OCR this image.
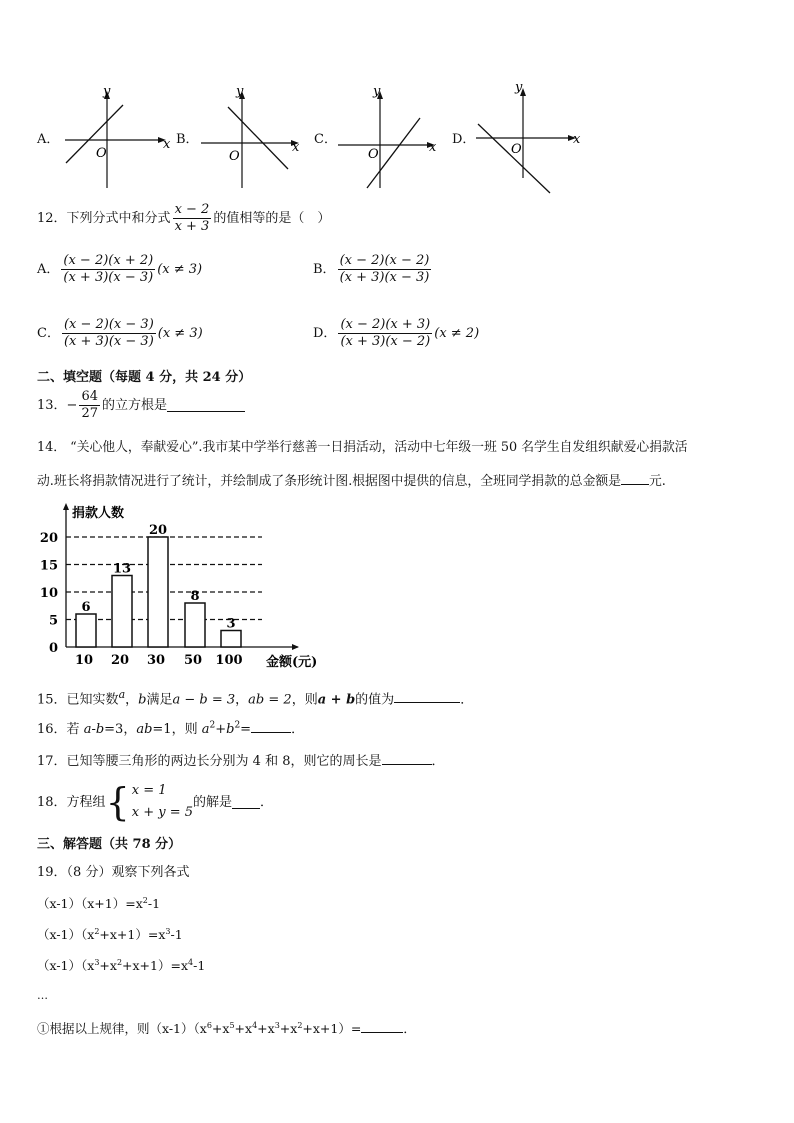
A．
y
x
O
B．
y
x
O
C．
y
x
O
D．
y
x
O
12． 下列分式中和分式 $\frac{x - 2}{x + 3}$ 的值相等的是（　）
A． $\frac{(x - 2)(x + 2)}{(x + 3)(x - 3)} (x \ne 3)$	B． $\frac{(x - 2)(x - 2)}{(x + 3)(x - 3)}$
C． $\frac{(x - 2)(x - 3)}{(x + 3)(x - 3)} (x \ne 3)$	D． $\frac{(x - 2)(x + 3)}{(x + 3)(x - 2)} (x \ne 2)$
二、填空题（每题 4 分，共 24 分）
13． − $\frac{64}{27}$ 的立方根是
14． “关心他人，奉献爱心”.我市某中学举行慈善一日捐活动，活动中七年级一班 50 名学生自发组织献爱心捐款活
动.班长将捐款情况进行了统计，并绘制成了条形统计图.根据图中提供的信息，全班同学捐款的总金额是 元.
捐款人数
金额(元)
0
5
10
15
20
6
10
13
20
20
30
8
50
3
100
15．已知实数$^a$，b满足a − b = 3，ab = 2，则a + b的值为	．
16．若 a-b=3，ab=1，则 $a^2+b^2=$	．
17．已知等腰三角形的两边长分别为 4 和 8，则它的周长是	．
18． 方程组 { x = 1
x + y = 5
的解是 ．
三、解答题（共 78 分）
19．（8 分）观察下列各式
$(x-1)(x+1)=x^2-1$
$(x-1)(x^2+x+1)=x^3-1$
$(x-1)(x^3+x^2+x+1)=x^4-1$
…
①根据以上规律，则$(x-1)(x^6+x^5+x^4+x^3+x^2+x+1)=$	．
